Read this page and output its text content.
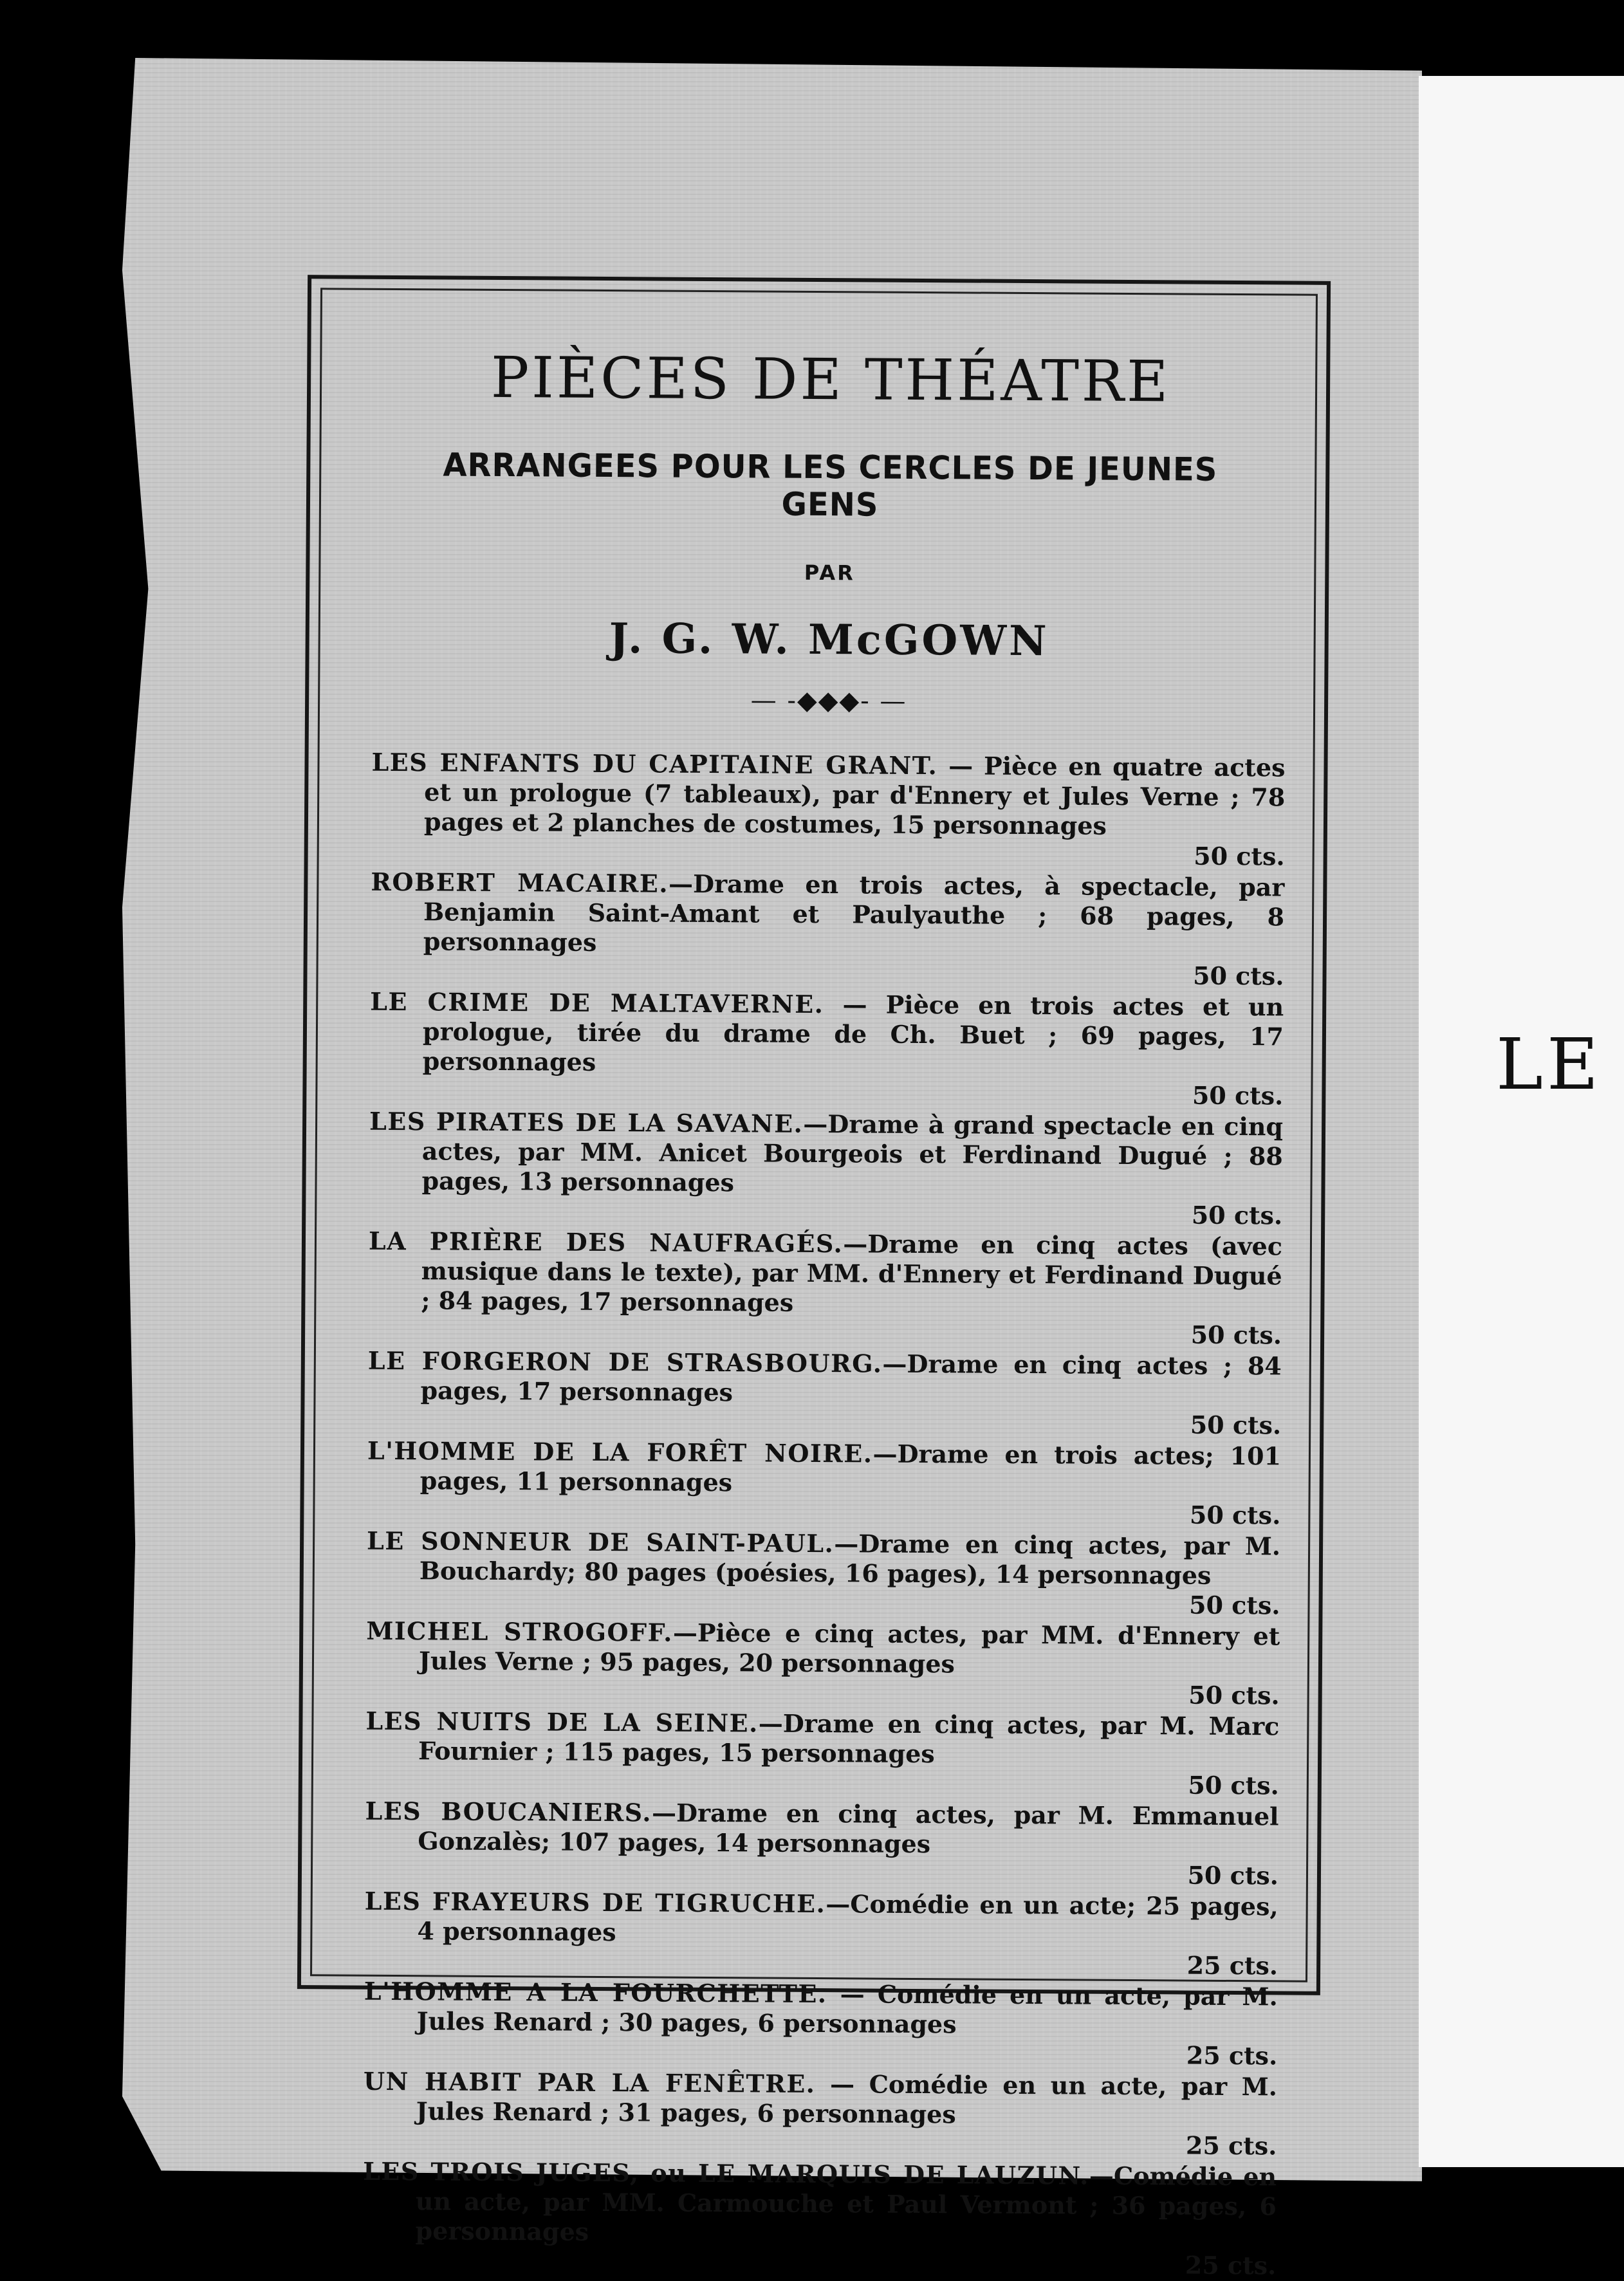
LE
PIÈCES DE THÉATRE
ARRANGEES POUR LES CERCLES DE JEUNES GENS
PAR
J. G. W. McGOWN
— -◆◆◆- —
LES ENFANTS DU CAPITAINE GRANT. — Pièce en quatre actes et un prologue (7 tableaux), par d'Ennery et Jules Verne ; 78 pages et 2 planches de costumes, 15 personnages
50 cts.
ROBERT MACAIRE.—Drame en trois actes, à spectacle, par Benjamin Saint-Amant et Paulyauthe ; 68 pages, 8 personnages
50 cts.
LE CRIME DE MALTAVERNE. — Pièce en trois actes et un prologue, tirée du drame de Ch. Buet ; 69 pages, 17 personnages
50 cts.
LES PIRATES DE LA SAVANE.—Drame à grand spectacle en cinq actes, par MM. Anicet Bourgeois et Ferdinand Dugué ; 88 pages, 13 personnages
50 cts.
LA PRIÈRE DES NAUFRAGÉS.—Drame en cinq actes (avec musique dans le texte), par MM. d'Ennery et Ferdinand Dugué ; 84 pages, 17 personnages
50 cts.
LE FORGERON DE STRASBOURG.—Drame en cinq actes ; 84 pages, 17 personnages
50 cts.
L'HOMME DE LA FORÊT NOIRE.—Drame en trois actes; 101 pages, 11 personnages
50 cts.
LE SONNEUR DE SAINT-PAUL.—Drame en cinq actes, par M. Bouchardy; 80 pages (poésies, 16 pages), 14 personnages
50 cts.
MICHEL STROGOFF.—Pièce e cinq actes, par MM. d'Ennery et Jules Verne ; 95 pages, 20 personnages
50 cts.
LES NUITS DE LA SEINE.—Drame en cinq actes, par M. Marc Fournier ; 115 pages, 15 personnages
50 cts.
LES BOUCANIERS.—Drame en cinq actes, par M. Emmanuel Gonzalès; 107 pages, 14 personnages
50 cts.
LES FRAYEURS DE TIGRUCHE.—Comédie en un acte; 25 pages, 4 personnages
25 cts.
L'HOMME A LA FOURCHETTE. — Comédie en un acte, par M. Jules Renard ; 30 pages, 6 personnages
25 cts.
UN HABIT PAR LA FENÊTRE. — Comédie en un acte, par M. Jules Renard ; 31 pages, 6 personnages
25 cts.
LES TROIS JUGES, ou LE MARQUIS DE LAUZUN.—Comédie en un acte, par MM. Carmouche et Paul Vermont ; 36 pages, 6 personnages
25 cts.
